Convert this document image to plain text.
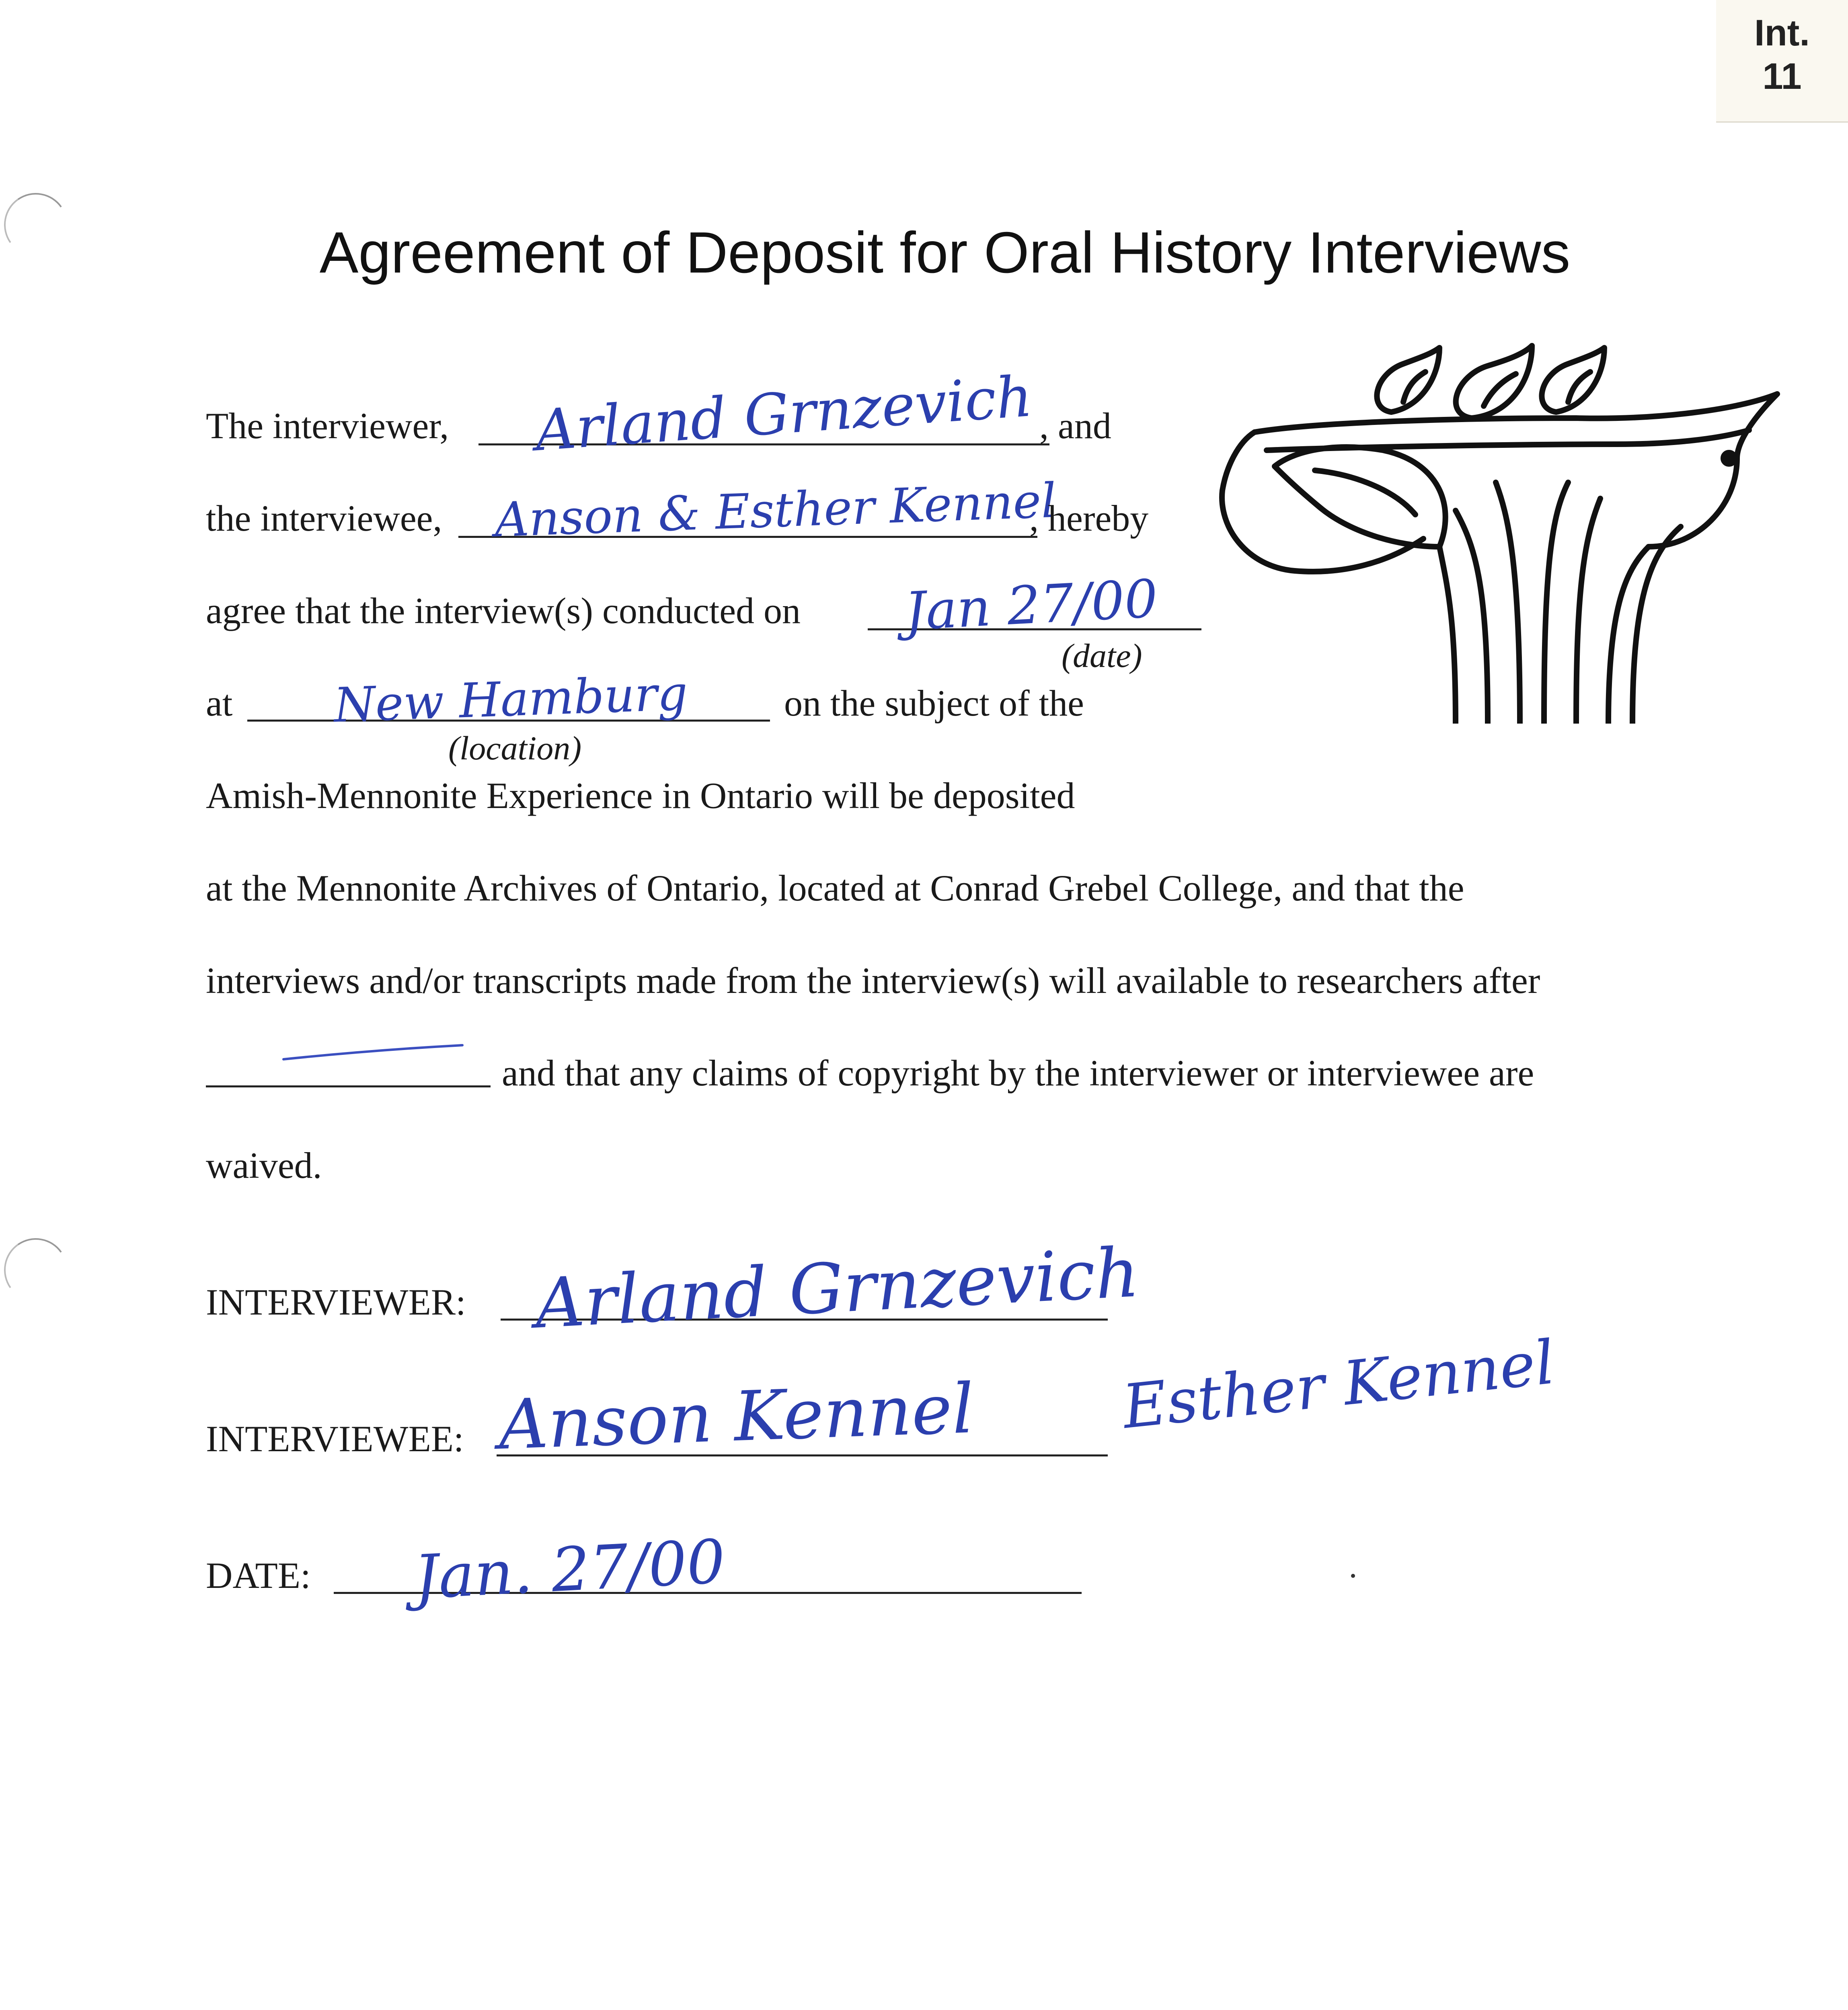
Int.
11
Agreement of Deposit for Oral History Interviews
The interviewer, Arland Grnzevich , and
the interviewee, Anson & Esther Kennel
, hereby
agree that the interview(s) conducted on Jan 27/00
(date)
at New Hamburg	on the subject of the
(location)
Amish-Mennonite Experience in Ontario will be deposited
at the Mennonite Archives of Ontario, located at Conrad Grebel College, and that the
interviews and/or transcripts made from the interview(s) will available to researchers after
and that any claims of copyright by the interviewer or interviewee are
waived.
INTERVIEWER: Arland Grnzevich
INTERVIEWEE: Anson Kennel Esther Kennel
DATE: Jan. 27/00
